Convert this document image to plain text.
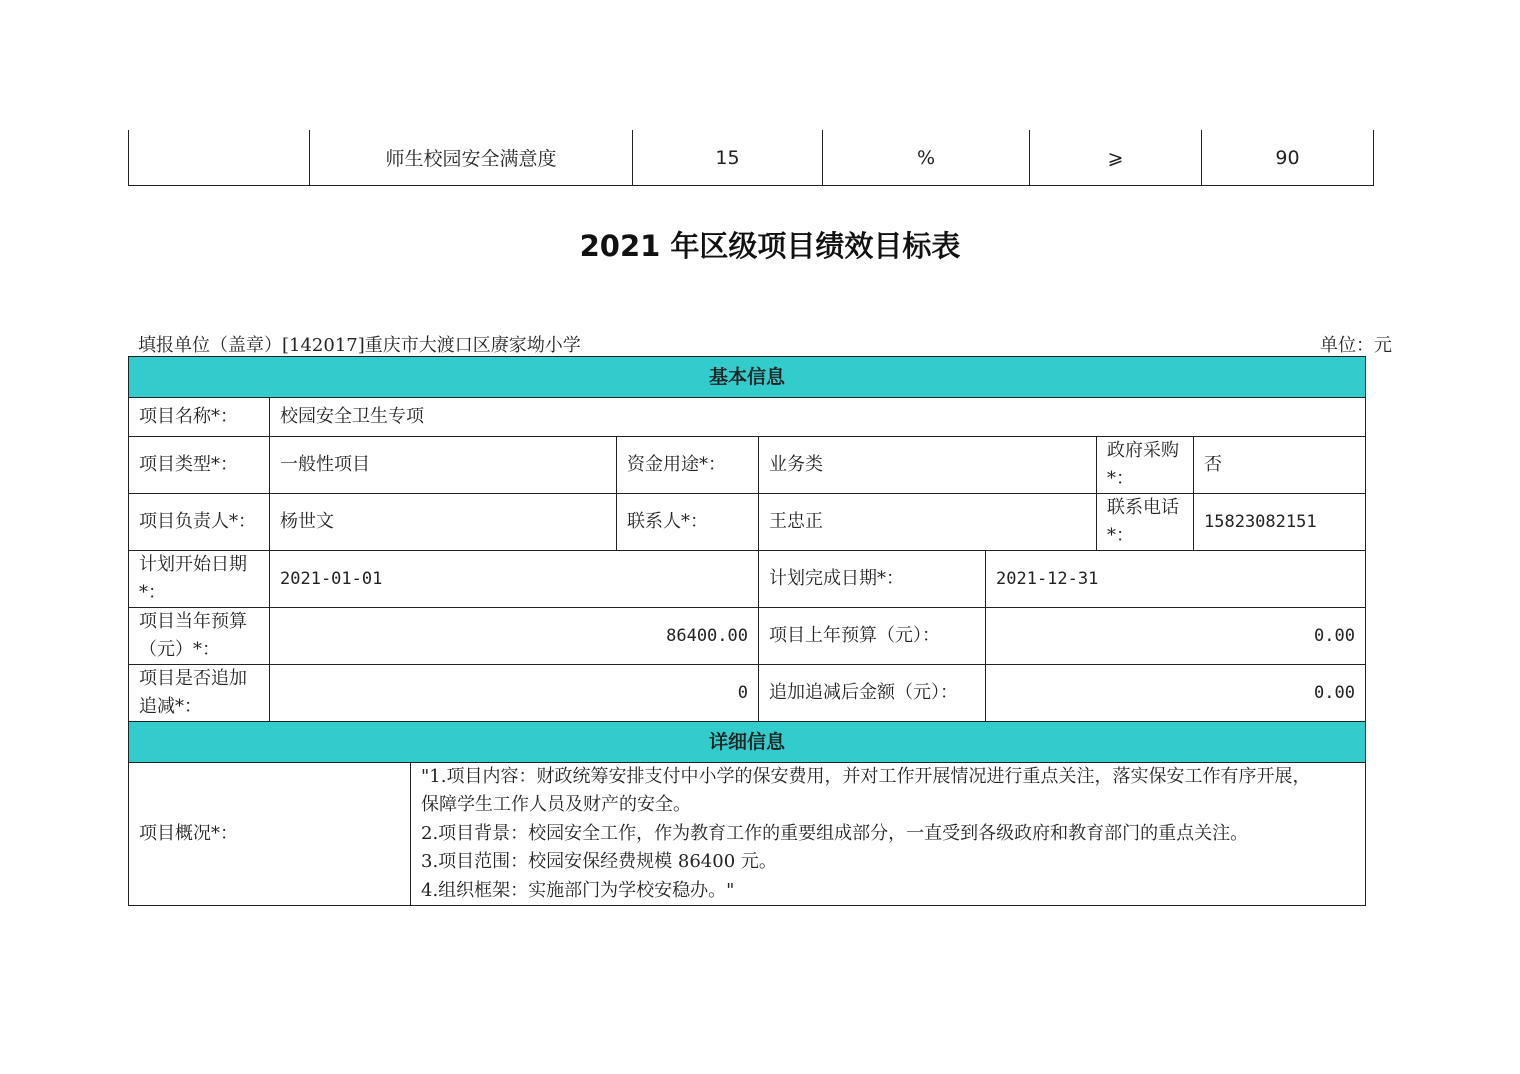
	师生校园安全满意度	15	%	⩾	90
2021 年区级项目绩效目标表
填报单位（盖章）[142017]重庆市大渡口区赓家坳小学	单位：元
基本信息							
项目名称*：	校园安全卫生专项						
项目类型*：	一般性项目		资金用途*：	业务类		政府采购*：	否
项目负责人*：	杨世文		联系人*：	王忠正		联系电话*：	15823082151
计划开始日期*：	2021-01-01			计划完成日期*：	2021-12-31		
项目当年预算（元）*：	86400.00			项目上年预算（元）：	0.00		
项目是否追加追减*：	0			追加追减后金额（元）：	0.00		
详细信息							
项目概况*：		"1.项目内容：财政统筹安排支付中小学的保安费用，并对工作开展情况进行重点关注，落实保安工作有序开展，
保障学生工作人员及财产的安全。
2.项目背景：校园安全工作，作为教育工作的重要组成部分，一直受到各级政府和教育部门的重点关注。
3.项目范围：校园安保经费规模 86400 元。
4.组织框架：实施部门为学校安稳办。"					
